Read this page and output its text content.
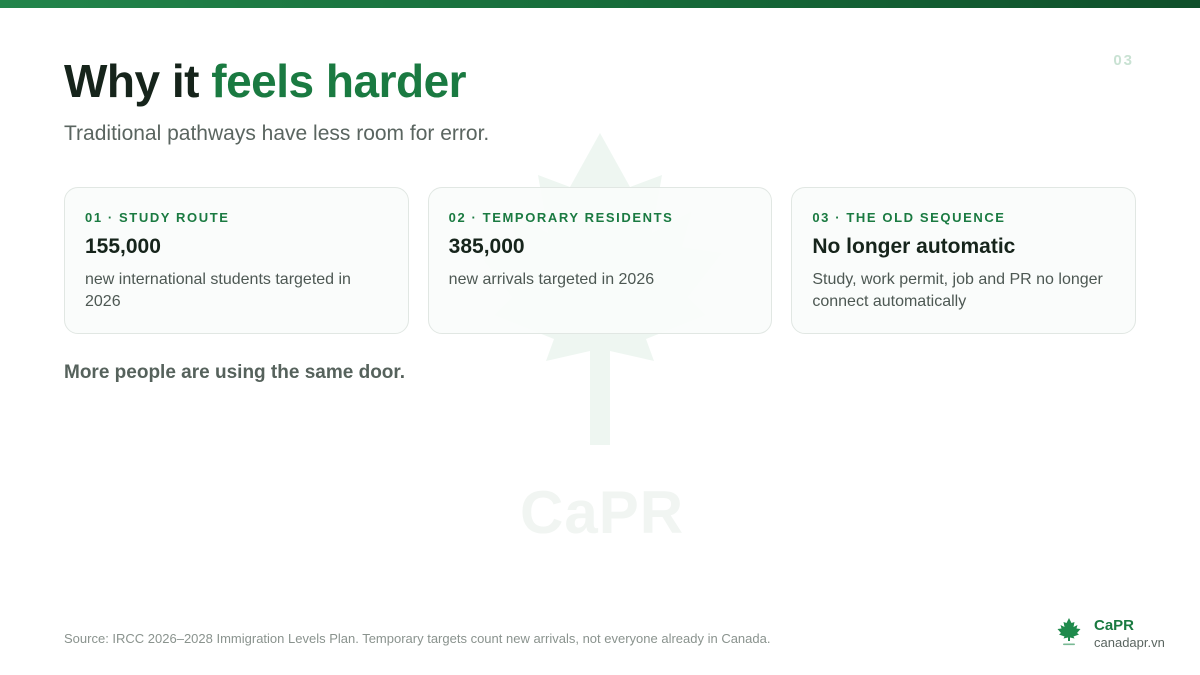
CaPR
03
Why it feels harder

Traditional pathways have less room for error.

01 · STUDY ROUTE
155,000
new international students targeted in 2026
02 · TEMPORARY RESIDENTS
385,000
new arrivals targeted in 2026
03 · THE OLD SEQUENCE
No longer automatic
Study, work permit, job and PR no longer connect automatically

More people are using the same door.

Source: IRCC 2026–2028 Immigration Levels Plan. Temporary targets count new arrivals, not everyone already in Canada.
CaPR
canadapr.vn
